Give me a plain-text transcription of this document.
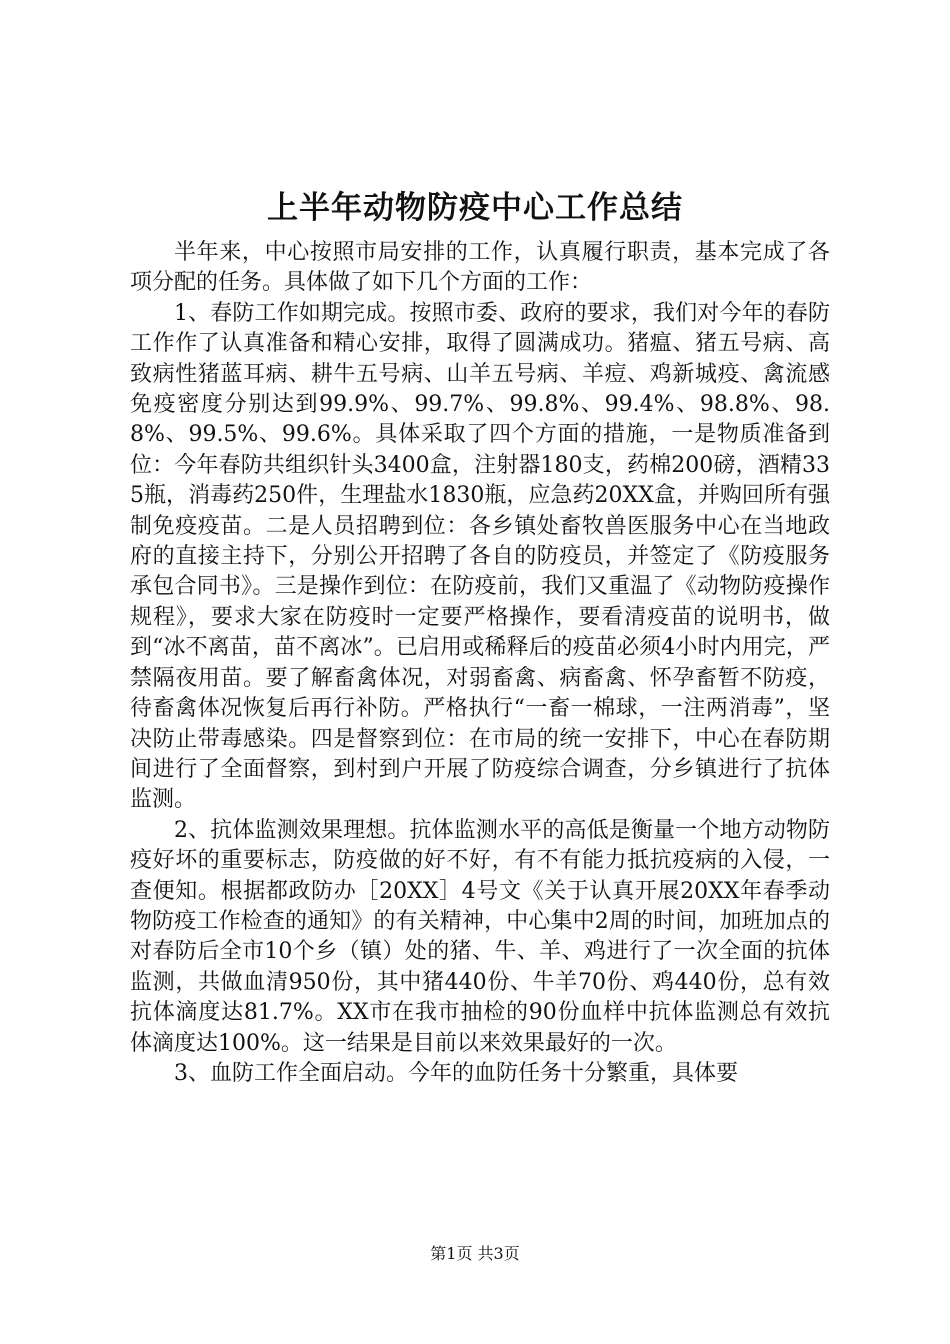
上半年动物防疫中心工作总结

半年来，中心按照市局安排的工作，认真履行职责，基本完成了各项分配的任务。具体做了如下几个方面的工作：

1、春防工作如期完成。按照市委、政府的要求，我们对今年的春防工作作了认真准备和精心安排，取得了圆满成功。猪瘟、猪五号病、高致病性猪蓝耳病、耕牛五号病、山羊五号病、羊痘、鸡新城疫、禽流感免疫密度分别达到99.9%、99.7%、99.8%、99.4%、98.8%、98.8%、99.5%、99.6%。具体采取了四个方面的措施，一是物质准备到位：今年春防共组织针头3400盒，注射器180支，药棉200磅，酒精335瓶，消毒药250件，生理盐水1830瓶，应急药20XX盒，并购回所有强制免疫疫苗。二是人员招聘到位：各乡镇处畜牧兽医服务中心在当地政府的直接主持下，分别公开招聘了各自的防疫员，并签定了《防疫服务承包合同书》。三是操作到位：在防疫前，我们又重温了《动物防疫操作规程》，要求大家在防疫时一定要严格操作，要看清疫苗的说明书，做到“冰不离苗，苗不离冰”。已启用或稀释后的疫苗必须4小时内用完，严禁隔夜用苗。要了解畜禽体况，对弱畜禽、病畜禽、怀孕畜暂不防疫，待畜禽体况恢复后再行补防。严格执行“一畜一棉球，一注两消毒”，坚决防止带毒感染。四是督察到位：在市局的统一安排下，中心在春防期间进行了全面督察，到村到户开展了防疫综合调查，分乡镇进行了抗体监测。

2、抗体监测效果理想。抗体监测水平的高低是衡量一个地方动物防疫好坏的重要标志，防疫做的好不好，有不有能力抵抗疫病的入侵，一查便知。根据都政防办［20XX］4号文《关于认真开展20XX年春季动物防疫工作检查的通知》的有关精神，中心集中2周的时间，加班加点的对春防后全市10个乡（镇）处的猪、牛、羊、鸡进行了一次全面的抗体监测，共做血清950份，其中猪440份、牛羊70份、鸡440份，总有效抗体滴度达81.7%。XX市在我市抽检的90份血样中抗体监测总有效抗体滴度达100%。这一结果是目前以来效果最好的一次。

3、血防工作全面启动。今年的血防任务十分繁重，具体要

第1页 共3页
